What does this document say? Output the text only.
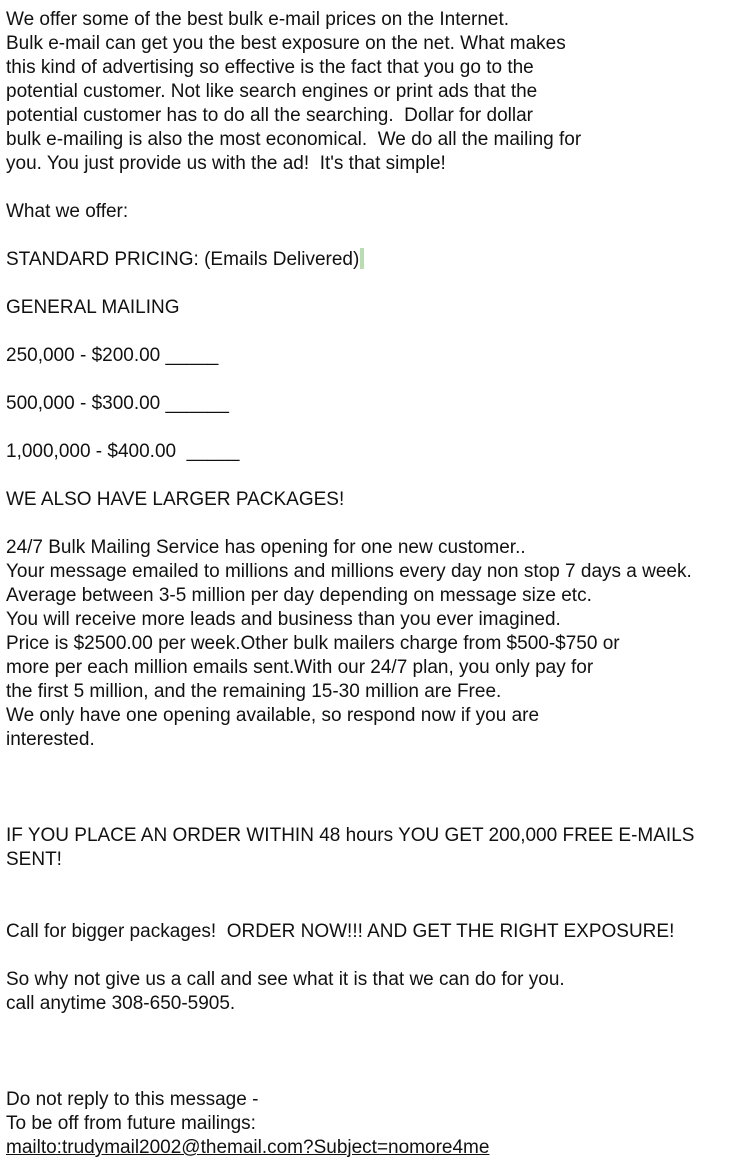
We offer some of the best bulk e-mail prices on the Internet.
Bulk e-mail can get you the best exposure on the net. What makes
this kind of advertising so effective is the fact that you go to the
potential customer. Not like search engines or print ads that the
potential customer has to do all the searching.  Dollar for dollar
bulk e-mailing is also the most economical.  We do all the mailing for
you. You just provide us with the ad!  It's that simple!
What we offer:
STANDARD PRICING: (Emails Delivered)
GENERAL MAILING
250,000 - $200.00 _____
500,000 - $300.00 ______
1,000,000 - $400.00  _____
WE ALSO HAVE LARGER PACKAGES!
24/7 Bulk Mailing Service has opening for one new customer..
Your message emailed to millions and millions every day non stop 7 days a week.
Average between 3-5 million per day depending on message size etc.
You will receive more leads and business than you ever imagined.
Price is $2500.00 per week.Other bulk mailers charge from $500-$750 or
more per each million emails sent.With our 24/7 plan, you only pay for
the first 5 million, and the remaining 15-30 million are Free.
We only have one opening available, so respond now if you are
interested.
IF YOU PLACE AN ORDER WITHIN 48 hours YOU GET 200,000 FREE E-MAILS
SENT!
Call for bigger packages!  ORDER NOW!!! AND GET THE RIGHT EXPOSURE!
So why not give us a call and see what it is that we can do for you.
call anytime 308-650-5905.
Do not reply to this message -
To be off from future mailings:
mailto:trudymail2002@themail.com?Subject=nomore4me
